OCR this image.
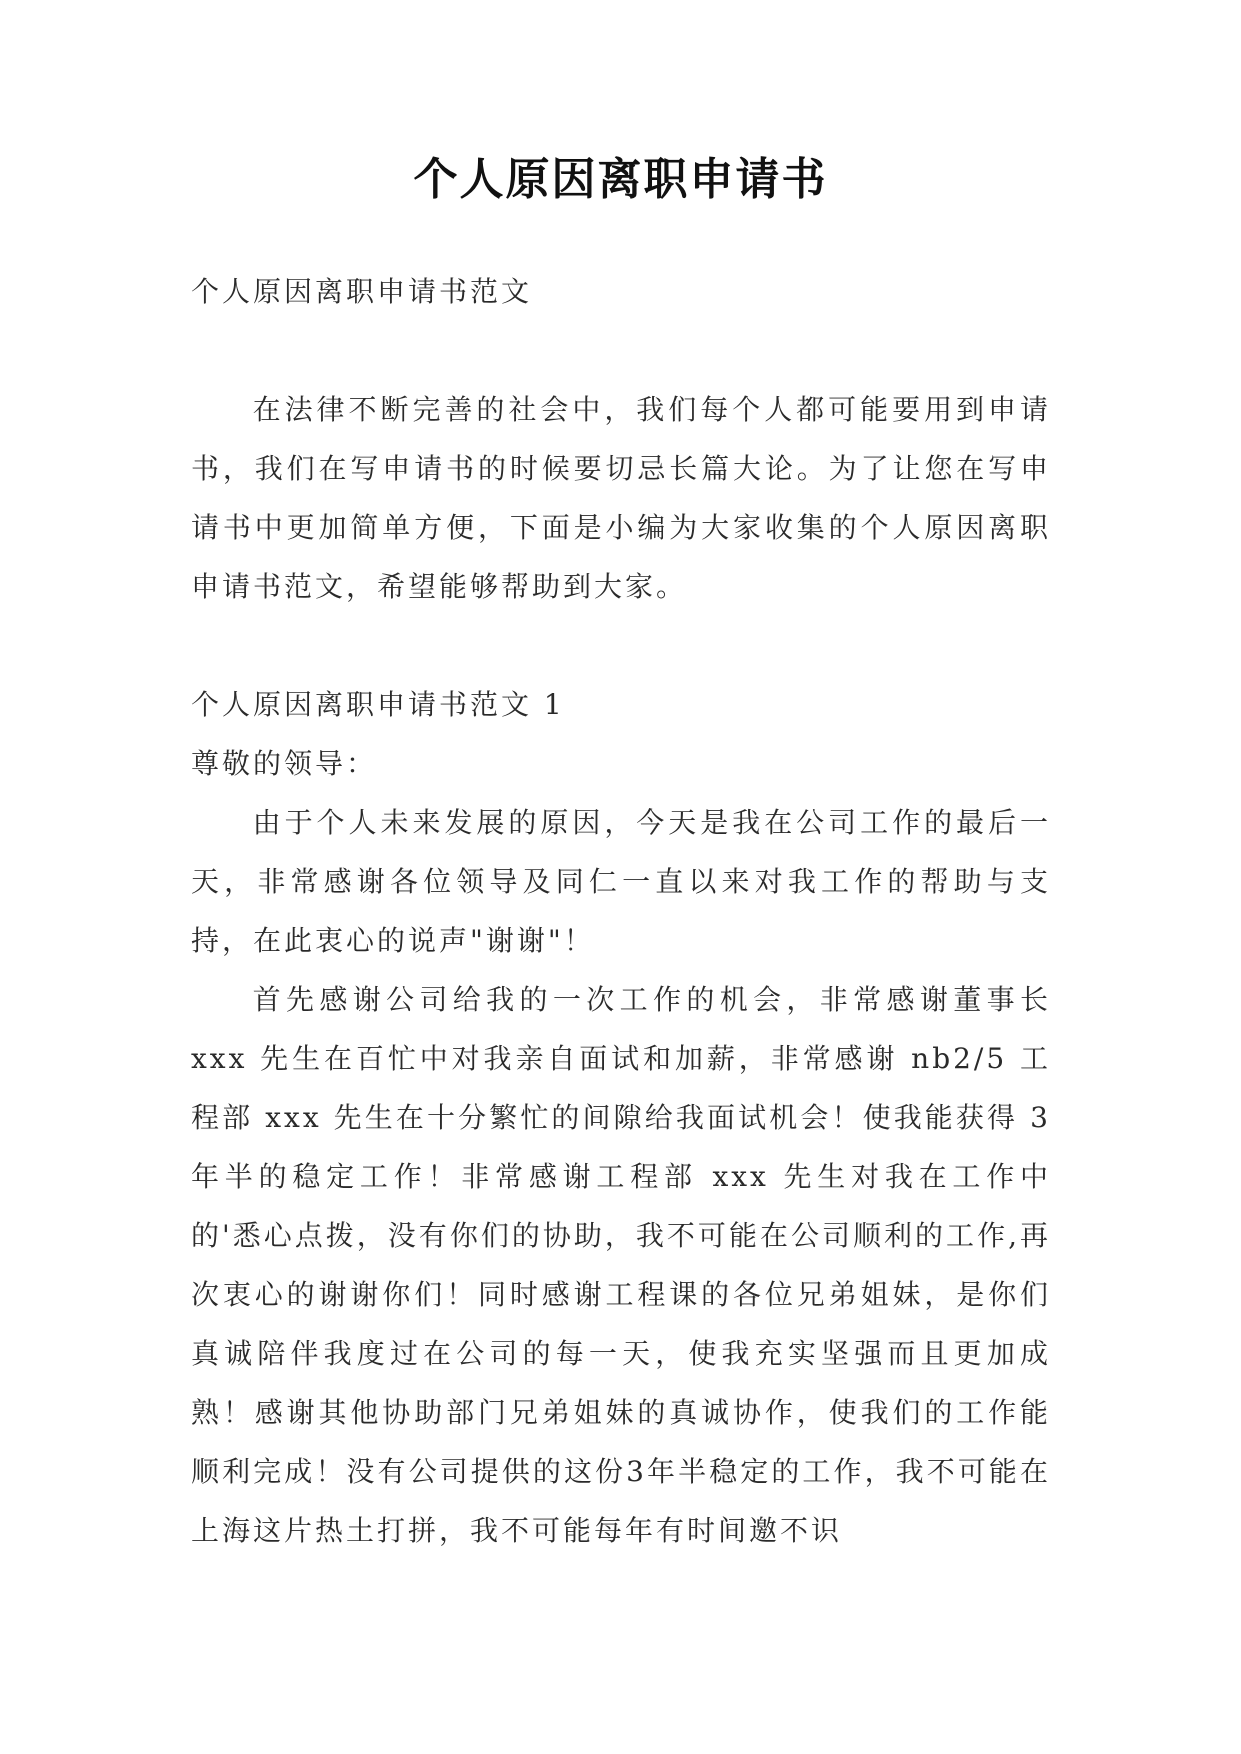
个人原因离职申请书

个人原因离职申请书范文

在法律不断完善的社会中，我们每个人都可能要用到申请书，我们在写申请书的时候要切忌长篇大论。为了让您在写申请书中更加简单方便，下面是小编为大家收集的个人原因离职申请书范文，希望能够帮助到大家。

个人原因离职申请书范文 1

尊敬的领导：

由于个人未来发展的原因，今天是我在公司工作的最后一天，非常感谢各位领导及同仁一直以来对我工作的帮助与支持，在此衷心的说声"谢谢"！

首先感谢公司给我的一次工作的机会，非常感谢董事长 xxx 先生在百忙中对我亲自面试和加薪，非常感谢 nb2/5 工程部 xxx 先生在十分繁忙的间隙给我面试机会！使我能获得 3 年半的稳定工作！非常感谢工程部 xxx 先生对我在工作中的'悉心点拨，没有你们的协助，我不可能在公司顺利的工作,再次衷心的谢谢你们！同时感谢工程课的各位兄弟姐妹，是你们真诚陪伴我度过在公司的每一天，使我充实坚强而且更加成熟！感谢其他协助部门兄弟姐妹的真诚协作，使我们的工作能顺利完成！没有公司提供的这份3年半稳定的工作，我不可能在上海这片热土打拼，我不可能每年有时间邀不识
